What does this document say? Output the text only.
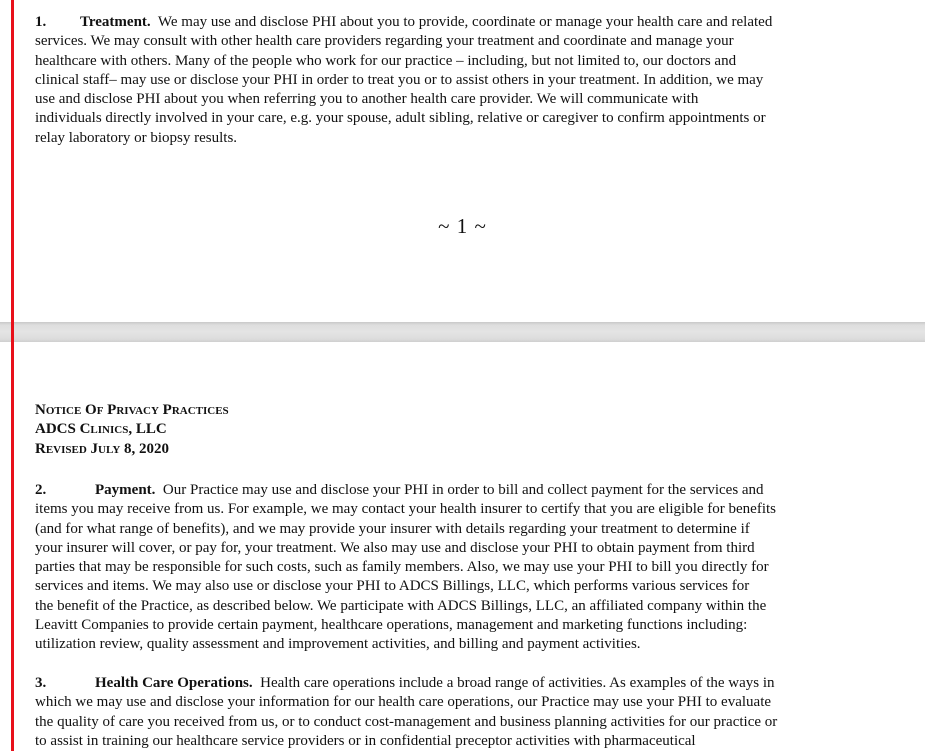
1. Treatment. We may use and disclose PHI about you to provide, coordinate or manage your health care and related
services. We may consult with other health care providers regarding your treatment and coordinate and manage your
healthcare with others. Many of the people who work for our practice – including, but not limited to, our doctors and
clinical staff– may use or disclose your PHI in order to treat you or to assist others in your treatment. In addition, we may
use and disclose PHI about you when referring you to another health care provider. We will communicate with
individuals directly involved in your care, e.g. your spouse, adult sibling, relative or caregiver to confirm appointments or
relay laboratory or biopsy results.

~ 1 ~
Notice Of Privacy Practices
ADCS Clinics, LLC
Revised July 8, 2020

2.	Payment. Our Practice may use and disclose your PHI in order to bill and collect payment for the services and
items you may receive from us. For example, we may contact your health insurer to certify that you are eligible for benefits
(and for what range of benefits), and we may provide your insurer with details regarding your treatment to determine if
your insurer will cover, or pay for, your treatment. We also may use and disclose your PHI to obtain payment from third
parties that may be responsible for such costs, such as family members. Also, we may use your PHI to bill you directly for
services and items. We may also use or disclose your PHI to ADCS Billings, LLC, which performs various services for
the benefit of the Practice, as described below. We participate with ADCS Billings, LLC, an affiliated company within the
Leavitt Companies to provide certain payment, healthcare operations, management and marketing functions including:
utilization review, quality assessment and improvement activities, and billing and payment activities.

3.	Health Care Operations. Health care operations include a broad range of activities. As examples of the ways in
which we may use and disclose your information for our health care operations, our Practice may use your PHI to evaluate
the quality of care you received from us, or to conduct cost-management and business planning activities for our practice or
to assist in training our healthcare service providers or in confidential preceptor activities with pharmaceutical
